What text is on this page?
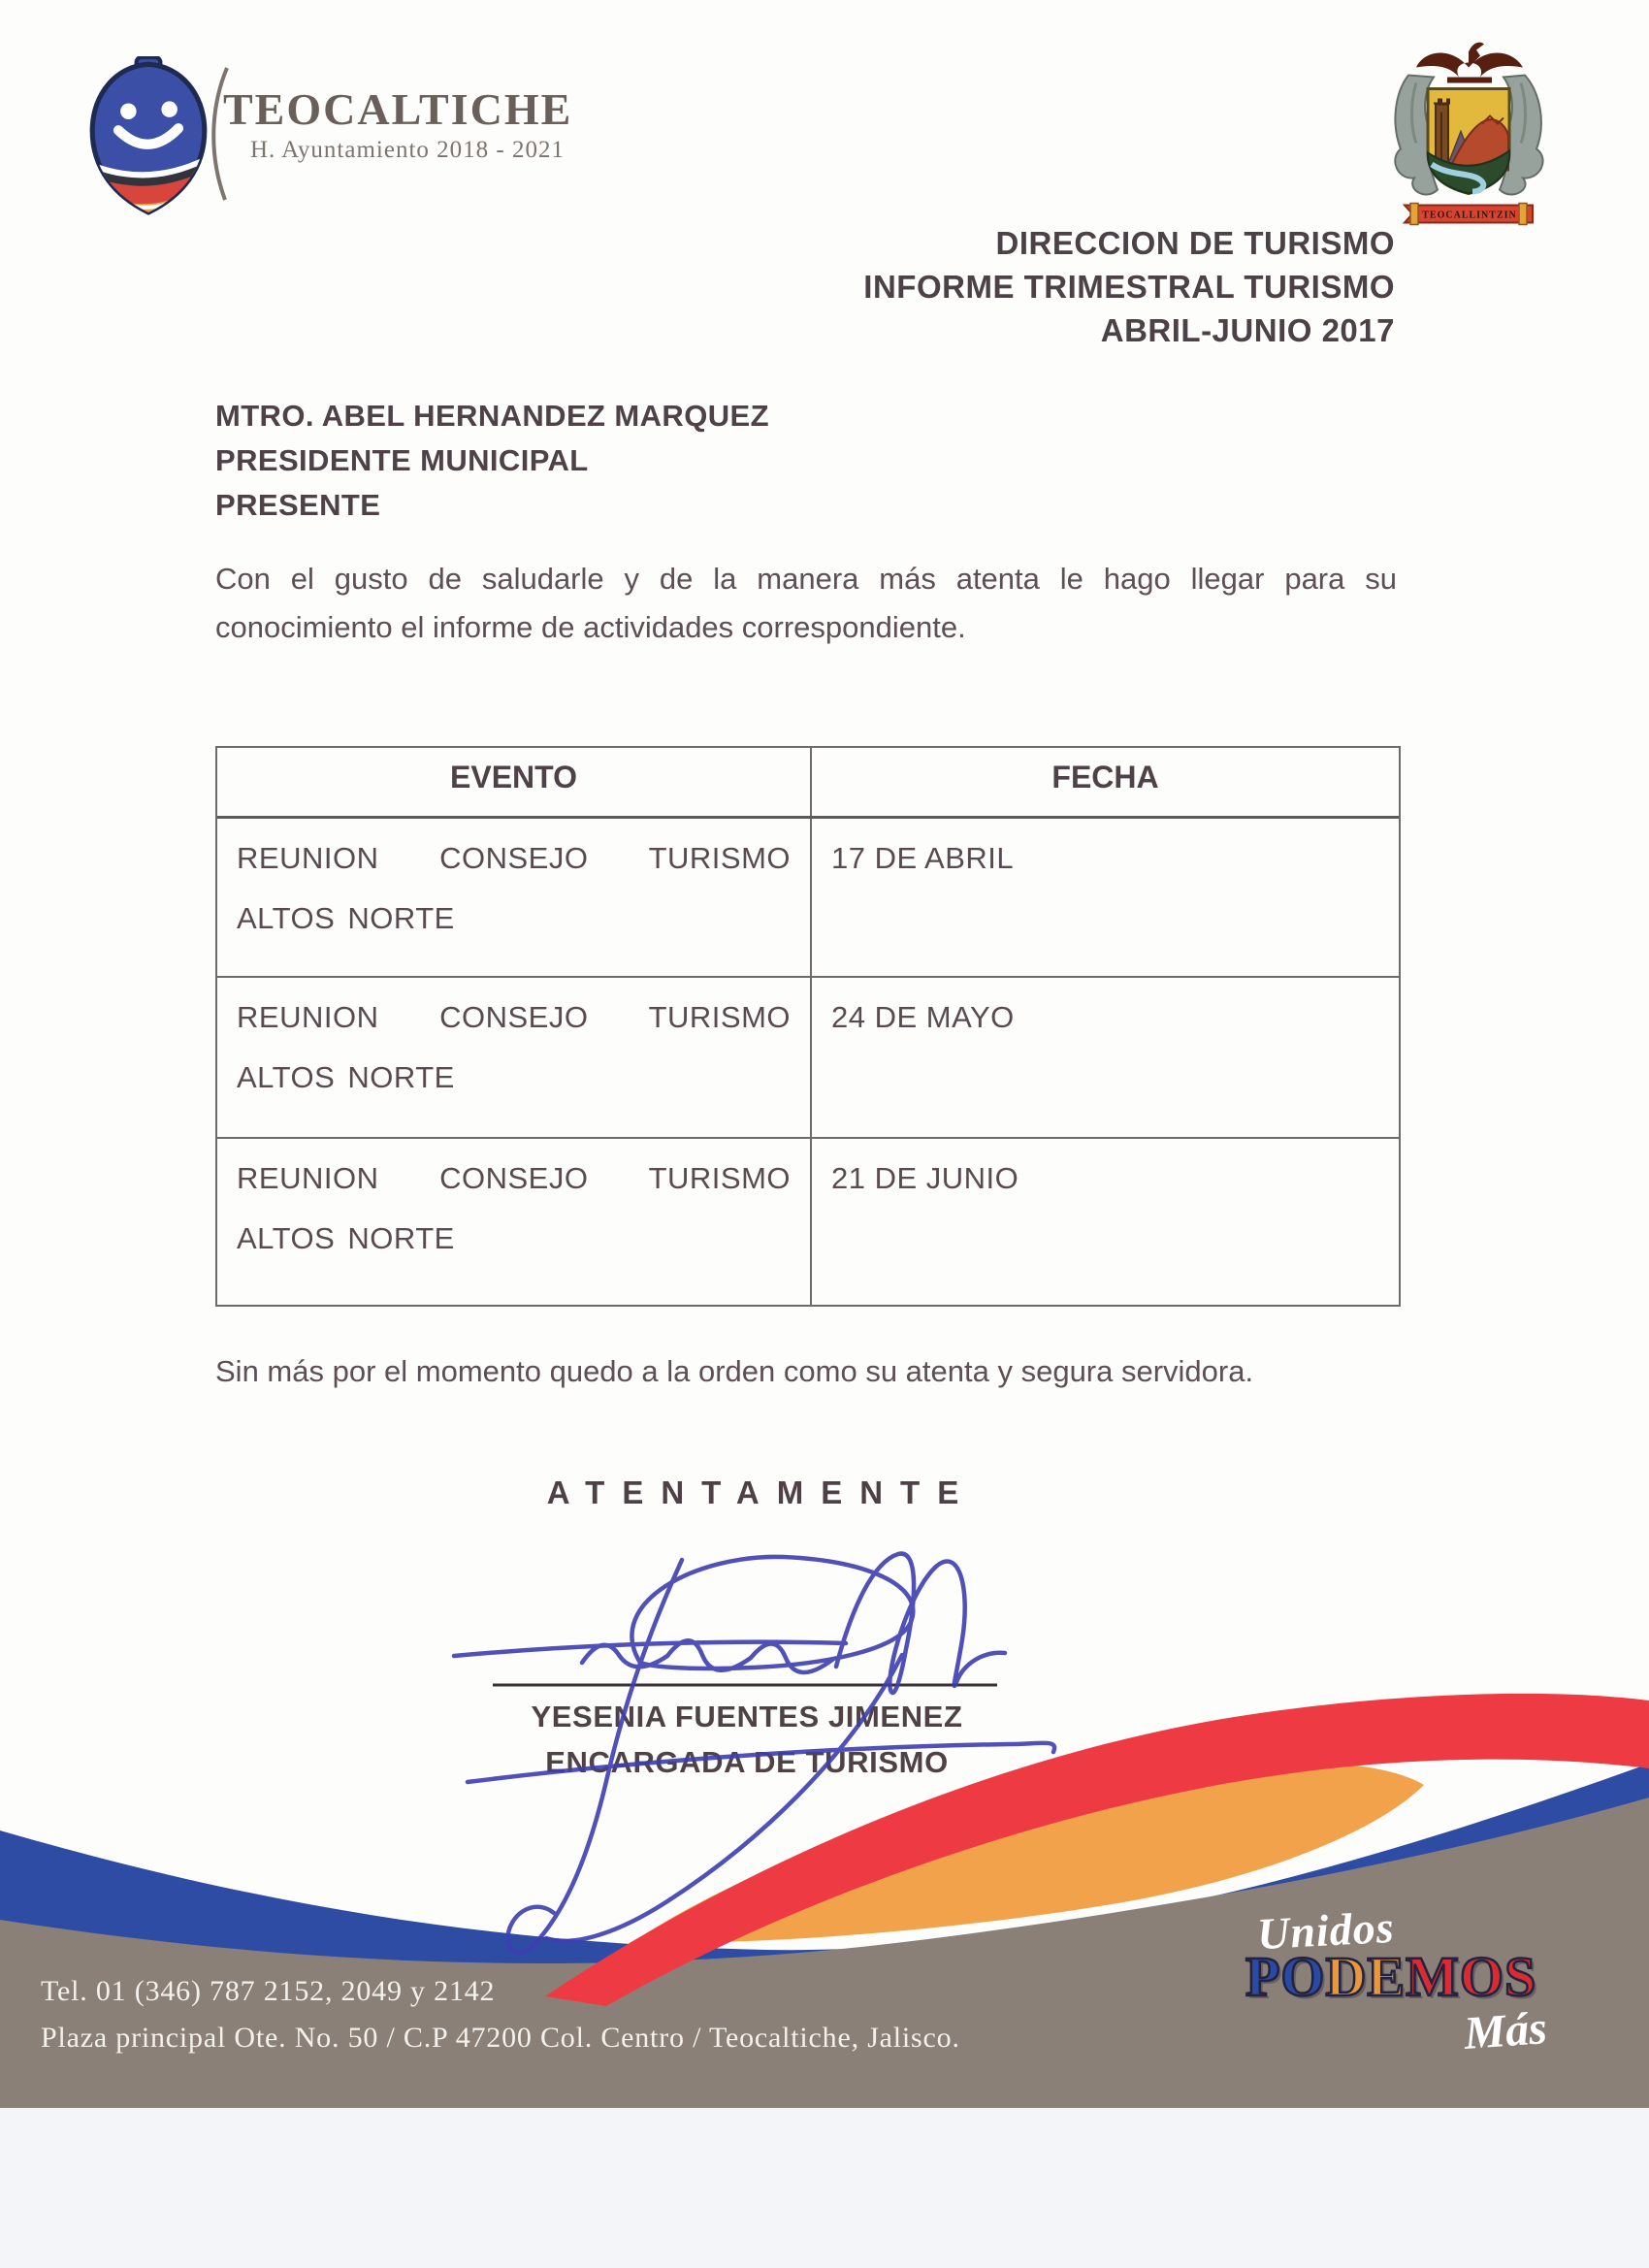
TEOCALTICHE
H. Ayuntamiento 2018 - 2021
TEOCALLINTZIN
DIRECCION DE TURISMO
INFORME TRIMESTRAL TURISMO
ABRIL-JUNIO 2017
MTRO. ABEL HERNANDEZ MARQUEZ
PRESIDENTE MUNICIPAL
PRESENTE
Con el gusto de saludarle y de la manera más atenta le hago llegar para su conocimiento el informe de actividades correspondiente.
EVENTO	FECHA
REUNION CONSEJO TURISMO ALTOS NORTE
17 DE ABRIL
REUNION CONSEJO TURISMO ALTOS NORTE
24 DE MAYO
REUNION CONSEJO TURISMO ALTOS NORTE
21 DE JUNIO
Sin más por el momento quedo a la orden como su atenta y segura servidora.
ATENTAMENTE
YESENIA FUENTES JIMENEZ
ENCARGADA DE TURISMO
Tel. 01 (346) 787 2152, 2049 y 2142
Plaza principal Ote. No. 50 / C.P 47200 Col. Centro / Teocaltiche, Jalisco.
Unidos
PODEMOS
Más
